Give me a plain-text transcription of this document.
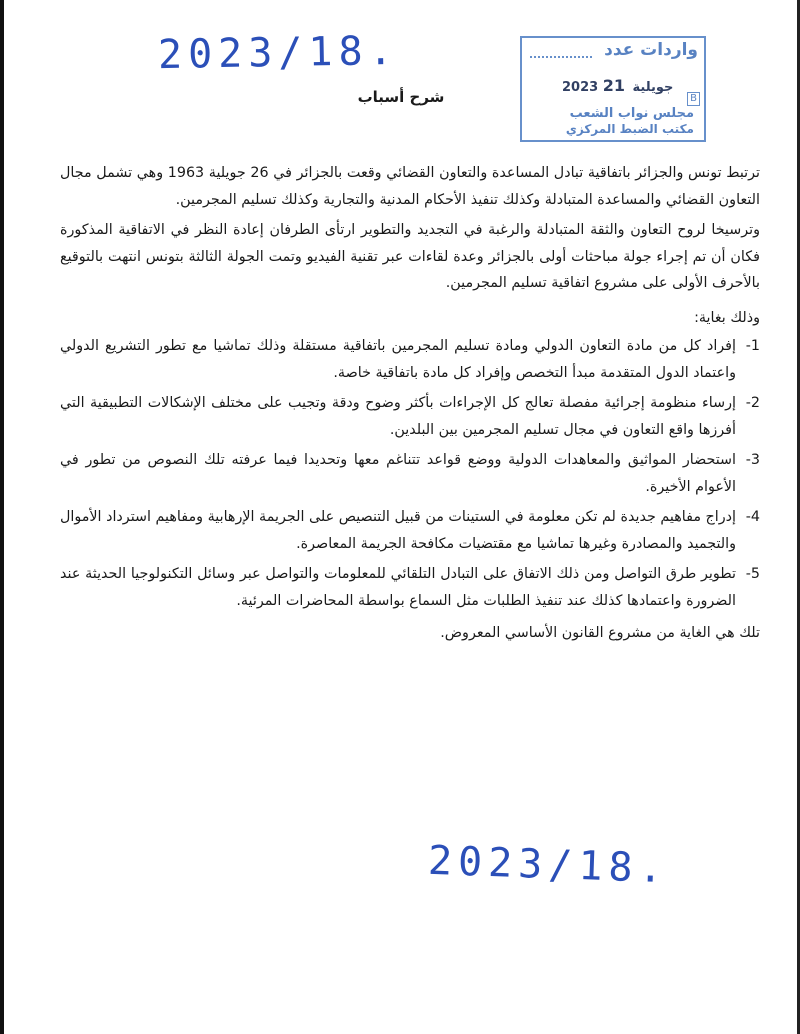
2023/18.	واردات عدد
2023	جويلية 21
B
مجلس نواب الشعب
مكتب الضبط المركزي
شرح أسباب

ترتبط تونس والجزائر باتفاقية تبادل المساعدة والتعاون القضائي وقعت بالجزائر في 26 جويلية 1963 وهي تشمل مجال التعاون القضائي والمساعدة المتبادلة وكذلك تنفيذ الأحكام المدنية والتجارية وكذلك تسليم المجرمين.

وترسيخا لروح التعاون والثقة المتبادلة والرغبة في التجديد والتطوير ارتأى الطرفان إعادة النظر في الاتفاقية المذكورة فكان أن تم إجراء جولة مباحثات أولى بالجزائر وعدة لقاءات عبر تقنية الفيديو وتمت الجولة الثالثة بتونس انتهت بالتوقيع بالأحرف الأولى على مشروع اتفاقية تسليم المجرمين.

وذلك بغاية:

1-
إفراد كل من مادة التعاون الدولي ومادة تسليم المجرمين باتفاقية مستقلة وذلك تماشيا مع تطور التشريع الدولي واعتماد الدول المتقدمة مبدأ التخصص وإفراد كل مادة باتفاقية خاصة.
2-
إرساء منظومة إجرائية مفصلة تعالج كل الإجراءات بأكثر وضوح ودقة وتجيب على مختلف الإشكالات التطبيقية التي أفرزها واقع التعاون في مجال تسليم المجرمين بين البلدين.
3-
استحضار المواثيق والمعاهدات الدولية ووضع قواعد تتناغم معها وتحديدا فيما عرفته تلك النصوص من تطور في الأعوام الأخيرة.
4-
إدراج مفاهيم جديدة لم تكن معلومة في الستينات من قبيل التنصيص على الجريمة الإرهابية ومفاهيم استرداد الأموال والتجميد والمصادرة وغيرها تماشيا مع مقتضيات مكافحة الجريمة المعاصرة.
5-
تطوير طرق التواصل ومن ذلك الاتفاق على التبادل التلقائي للمعلومات والتواصل عبر وسائل التكنولوجيا الحديثة عند الضرورة واعتمادها كذلك عند تنفيذ الطلبات مثل السماع بواسطة المحاضرات المرئية.

تلك هي الغاية من مشروع القانون الأساسي المعروض.

2023/18.
